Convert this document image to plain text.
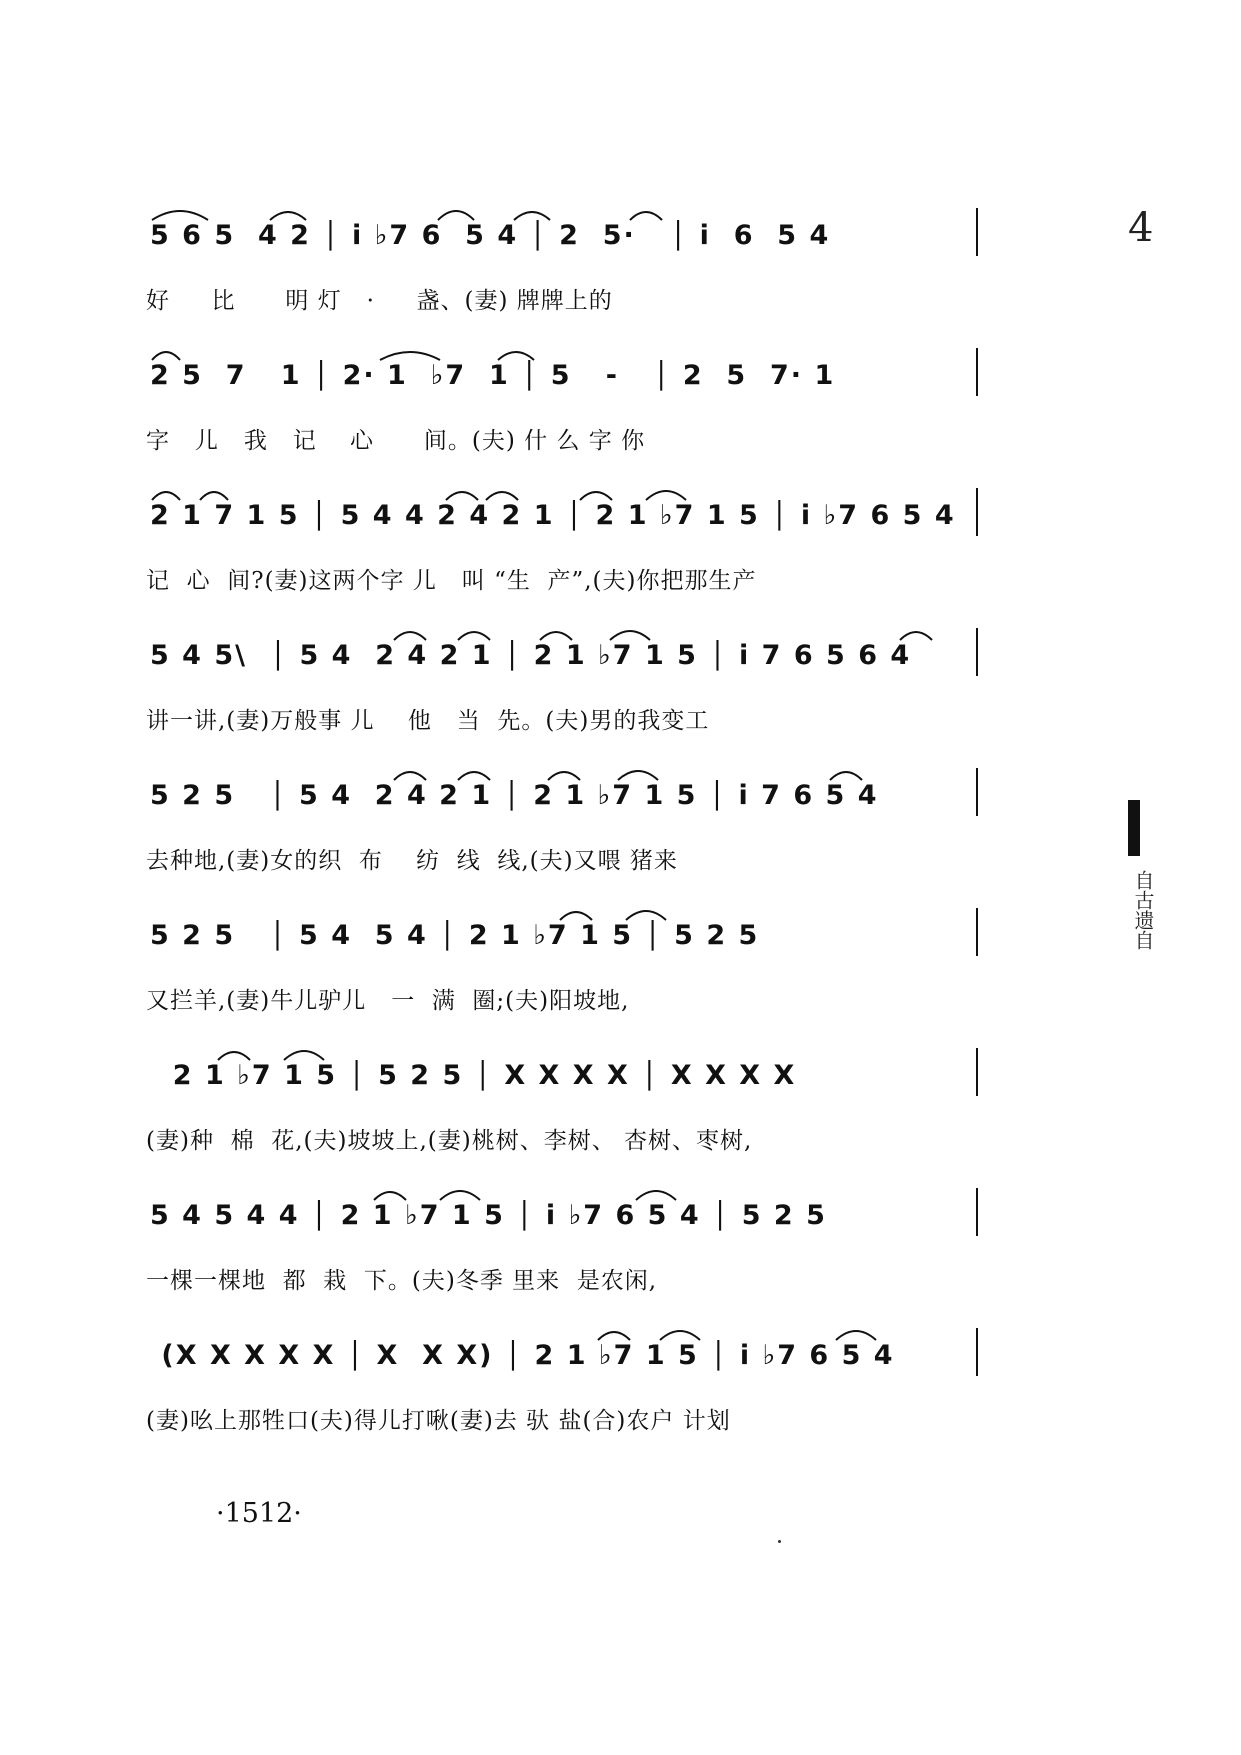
4
自古遗自
5 6 5  4 2 │ i ♭7 6  5 4 │ 2  5·   │ i  6  5 4
好     比      明 灯   ·     盏、(妻) 牌牌上的
2 5  7   1 │ 2· 1  ♭7  1 │ 5   -   │ 2  5  7· 1
字   儿   我   记    心      间。(夫) 什 么 字 你
2 1 7 1 5 │ 5 4 4 2 4 2 1 │ 2 1 ♭7 1 5 │ i ♭7 6 5 4
记  心  间?(妻)这两个字 儿   叫 “生  产”,(夫)你把那生产
5 4 5\  │ 5 4  2 4 2 1 │ 2 1 ♭7 1 5 │ i 7 6 5 6 4
讲一讲,(妻)万般事 儿    他   当  先。(夫)男的我变工
5 2 5   │ 5 4  2 4 2 1 │ 2 1 ♭7 1 5 │ i 7 6 5 4
去种地,(妻)女的织  布    纺  线  线,(夫)又喂 猪来
5 2 5   │ 5 4  5 4 │ 2 1 ♭7 1 5 │ 5 2 5
又拦羊,(妻)牛儿驴儿   一  满  圈;(夫)阳坡地,
2 1 ♭7 1 5 │ 5 2 5 │ X X X X │ X X X X
(妻)种  棉  花,(夫)坡坡上,(妻)桃树、李树、 杏树、枣树,
5 4 5 4 4 │ 2 1 ♭7 1 5 │ i ♭7 6 5 4 │ 5 2 5
一棵一棵地  都  栽  下。(夫)冬季 里来  是农闲,
(X X X X X │ X  X X) │ 2 1 ♭7 1 5 │ i ♭7 6 5 4
(妻)吆上那牲口(夫)得儿打啾(妻)去 驮 盐(合)农户 计划
·1512·
